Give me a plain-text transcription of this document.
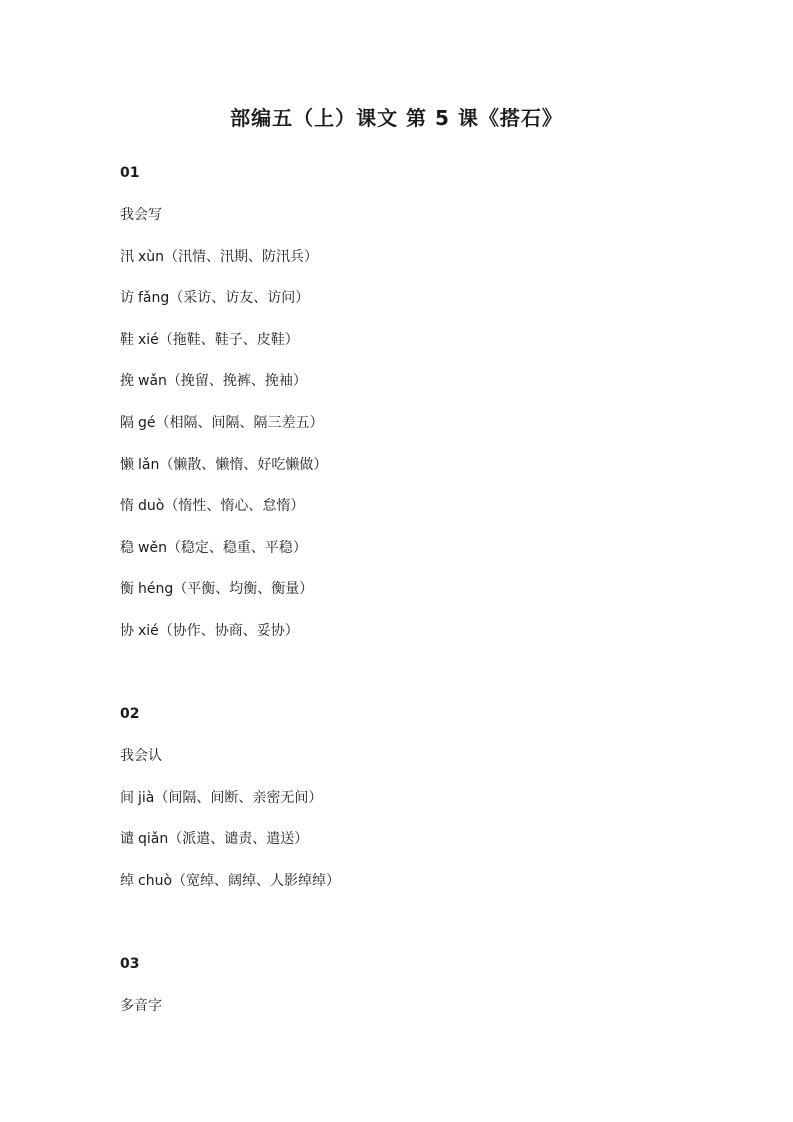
部编五（上）课文 第 5 课《搭石》
01
我会写
汛 xùn（汛情、汛期、防汛兵）
访 fǎng（采访、访友、访问）
鞋 xié（拖鞋、鞋子、皮鞋）
挽 wǎn（挽留、挽裤、挽袖）
隔 gé（相隔、间隔、隔三差五）
懒 lǎn（懒散、懒惰、好吃懒做）
惰 duò（惰性、惰心、怠惰）
稳 wěn（稳定、稳重、平稳）
衡 héng（平衡、均衡、衡量）
协 xié（协作、协商、妥协）
02
我会认
间 jià（间隔、间断、亲密无间）
谴 qiǎn（派遣、谴责、遣送）
绰 chuò（宽绰、阔绰、人影绰绰）
03
多音字
